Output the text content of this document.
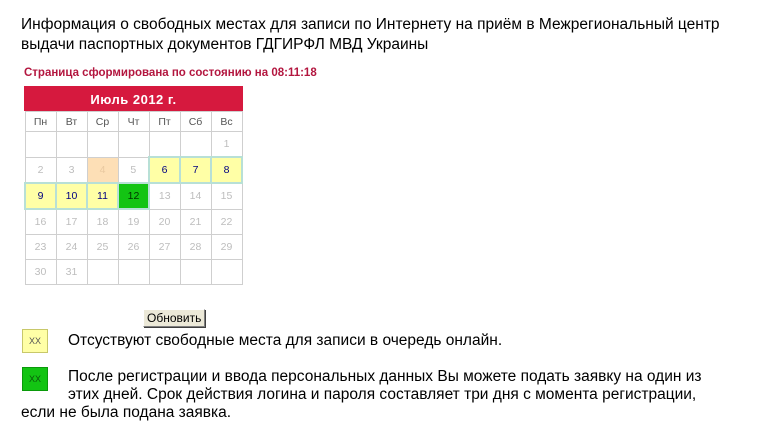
Информация о свободных местах для записи по Интернету на приём в Межрегиональный центр выдачи паспортных документов ГДГИРФЛ МВД Украины
Страница сформирована по состоянию на 08:11:18
Июль 2012 г.
Пн	Вт	Ср	Чт	Пт	Сб	Вс
						1
2	3	4	5	6	7	8
9	10	11	12	13	14	15
16	17	18	19	20	21	22
23	24	25	26	27	28	29
30	31					
Обновить
XX	Отсуствуют свободные места для записи в очередь онлайн.
XX	После регистрации и ввода персональных данных Вы можете подать заявку на один из
этих дней. Срок действия логина и пароля составляет три дня с момента регистрации,
если не была подана заявка.
